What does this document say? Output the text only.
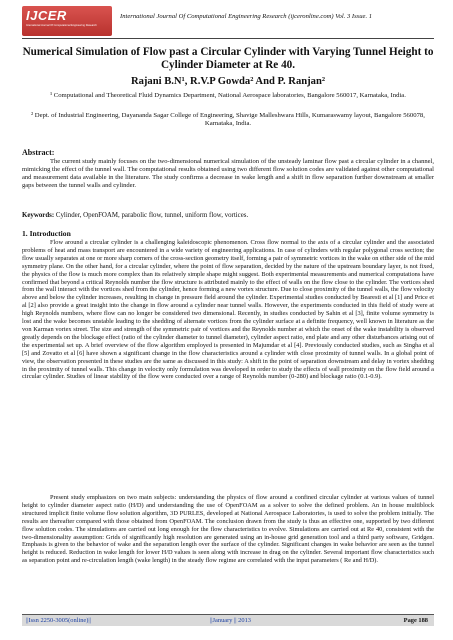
IJCER
International Journal Of Computational Engineering Research
International Journal Of Computational Engineering Research (ijceronline.com) Vol. 3 Issue. 1
Numerical Simulation of Flow past a Circular Cylinder with Varying Tunnel Height to Cylinder Diameter at Re 40.
Rajani B.N¹, R.V.P Gowda² And P. Ranjan²
¹ Computational and Theoretical Fluid Dynamics Department, National Aerospace laboratories, Bangalore 560017, Karnataka, India.
² Dept. of Industrial Engineering, Dayananda Sagar College of Engineering, Shavige Malleshwara Hills, Kumaraswamy layout, Bangalore 560078, Karnataka, India.
Abstract:
The current study mainly focuses on the two-dimensional numerical simulation of the unsteady laminar flow past a circular cylinder in a channel, mimicking the effect of the tunnel wall. The computational results obtained using two different flow solution codes are validated against other computational and measurement data available in the literature. The study confirms a decrease in wake length and a shift in flow separation further downstream at smaller gaps between the tunnel walls and cylinder.
Keywords: Cylinder, OpenFOAM, parabolic flow, tunnel, uniform flow, vortices.
1. Introduction
Flow around a circular cylinder is a challenging kaleidoscopic phenomenon. Cross flow normal to the axis of a circular cylinder and the associated problems of heat and mass transport are encountered in a wide variety of engineering applications. In case of cylinders with regular polygonal cross section; the flow usually separates at one or more sharp corners of the cross-section geometry itself, forming a pair of symmetric vortices in the wake on either side of the mid symmetry plane. On the other hand, for a circular cylinder, where the point of flow separation, decided by the nature of the upstream boundary layer, is not fixed, the physics of the flow is much more complex than its relatively simple shape might suggest. Both experimental measurements and numerical computations have confirmed that beyond a critical Reynolds number the flow structure is attributed mainly to the effect of walls on the flow close to the cylinder. The vortices shed from the wall interact with the vortices shed from the cylinder, hence forming a new vortex structure. Due to close proximity of the tunnel walls, the flow velocity above and below the cylinder increases, resulting in change in pressure field around the cylinder. Experimental studies conducted by Bearesti et al [1] and Price et al [2] also provide a great insight into the change in flow around a cylinder near tunnel walls. However, the experiments conducted in this field of study were at high Reynolds numbers, where flow can no longer be considered two dimensional. Recently, in studies conducted by Sahin et al [3], finite volume symmetry is lost and the wake becomes unstable leading to the shedding of alternate vortices from the cylinder surface at a definite frequency, well known in literature as the von Karman vortex street. The size and strength of the symmetric pair of vortices and the Reynolds number at which the onset of the wake instability is observed greatly depends on the blockage effect (ratio of the cylinder diameter to tunnel diameter), cylinder aspect ratio, end plate and any other disturbances arising out of the experimental set up. A brief overview of the flow algorithm employed is presented in Majumdar et al [4]. Previously conducted studies, such as Singha et al [5] and Zovatto et al [6] have shown a significant change in the flow characteristics around a cylinder with close proximity of tunnel walls. In a global point of view, the observation presented in these studies are the same as discussed in this study: A shift in the point of separation downstream and delay in vortex shedding in the proximity of tunnel walls. This change in velocity only formulation was developed in order to study the effects of wall proximity on the flow field around a circular cylinder. Studies of linear stability of the flow were conducted over a range of Reynolds number (0-280) and blockage ratio (0.1-0.9).
Present study emphasizes on two main subjects: understanding the physics of flow around a confined circular cylinder at various values of tunnel height to cylinder diameter aspect ratio (H/D) and understanding the use of OpenFOAM as a solver to solve the defined problem. An in house multiblock structured implicit finite volume flow solution algorithm, 3D PURLES, developed at National Aerospace Laboratories, is used to solve the problem initially. The results are thereafter compared with those obtained from OpenFOAM. The conclusion drawn from the study is thus an effective one, supported by two different flow solution codes. The simulations are carried out long enough for the flow characteristics to evolve. Simulations are carried out at Re 40, consistent with the two-dimensionality assumption: Grids of significantly high resolution are generated using an in-house grid generation tool and a third party software, Gridgen. Emphasis is given to the behavior of wake and the separation length over the surface of the cylinder. Significant changes in wake behavior are seen as the tunnel height is reduced. Reduction in wake length for lower H/D values is seen along with increase in drag on the cylinder. Several important flow characteristics such as separation point and re-circulation length (wake length) in the steady flow regime are correlated with the input parameters ( Re and H/D).
||Issn 2250-3005(online)||	||January || 2013	Page 188
